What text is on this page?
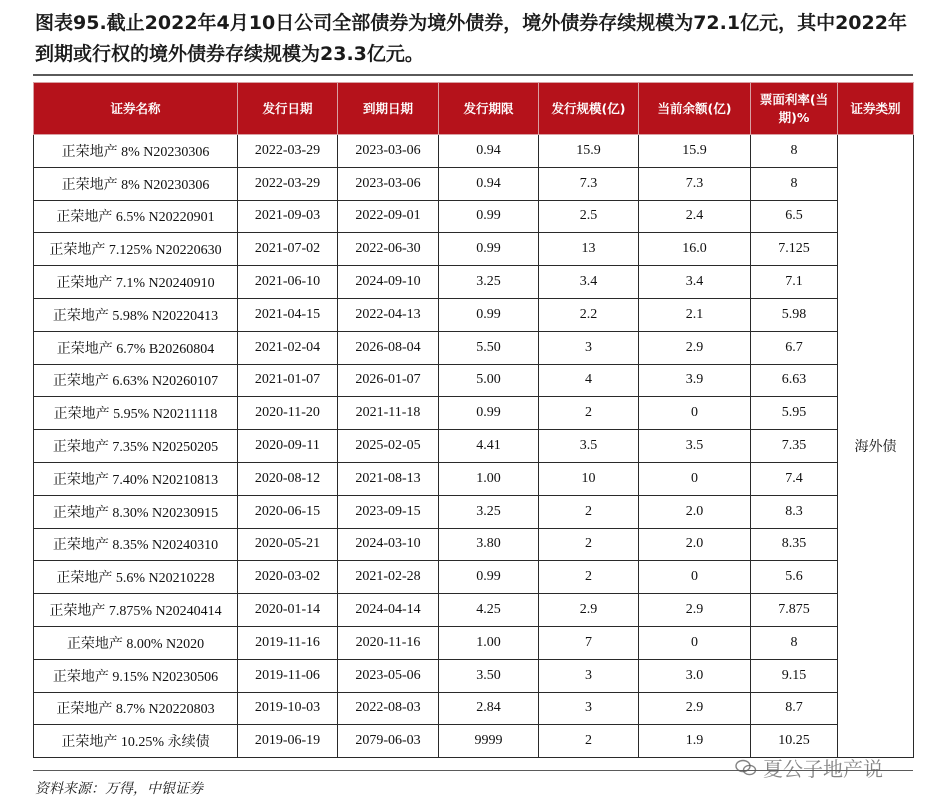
图表95.截止2022年4月10日公司全部债券为境外债券，境外债券存续规模为72.1亿元，其中2022年到期或行权的境外债券存续规模为23.3亿元。
证券名称	发行日期	到期日期	发行期限	发行规模(亿)	当前余额(亿)	票面利率(当期)%	证券类别
正荣地产 8% N20230306	2022-03-29	2023-03-06	0.94	15.9	15.9	8	海外债
正荣地产 8% N20230306	2022-03-29	2023-03-06	0.94	7.3	7.3	8	
正荣地产 6.5% N20220901	2021-09-03	2022-09-01	0.99	2.5	2.4	6.5	
正荣地产 7.125% N20220630	2021-07-02	2022-06-30	0.99	13	16.0	7.125	
正荣地产 7.1% N20240910	2021-06-10	2024-09-10	3.25	3.4	3.4	7.1	
正荣地产 5.98% N20220413	2021-04-15	2022-04-13	0.99	2.2	2.1	5.98	
正荣地产 6.7% B20260804	2021-02-04	2026-08-04	5.50	3	2.9	6.7	
正荣地产 6.63% N20260107	2021-01-07	2026-01-07	5.00	4	3.9	6.63	
正荣地产 5.95% N20211118	2020-11-20	2021-11-18	0.99	2	0	5.95	
正荣地产 7.35% N20250205	2020-09-11	2025-02-05	4.41	3.5	3.5	7.35	
正荣地产 7.40% N20210813	2020-08-12	2021-08-13	1.00	10	0	7.4	
正荣地产 8.30% N20230915	2020-06-15	2023-09-15	3.25	2	2.0	8.3	
正荣地产 8.35% N20240310	2020-05-21	2024-03-10	3.80	2	2.0	8.35	
正荣地产 5.6% N20210228	2020-03-02	2021-02-28	0.99	2	0	5.6	
正荣地产 7.875% N20240414	2020-01-14	2024-04-14	4.25	2.9	2.9	7.875	
正荣地产 8.00% N2020	2019-11-16	2020-11-16	1.00	7	0	8	
正荣地产 9.15% N20230506	2019-11-06	2023-05-06	3.50	3	3.0	9.15	
正荣地产 8.7% N20220803	2019-10-03	2022-08-03	2.84	3	2.9	8.7	
正荣地产 10.25% 永续债	2019-06-19	2079-06-03	9999	2	1.9	10.25	
资料来源：万得，中银证券
夏公子地产说
